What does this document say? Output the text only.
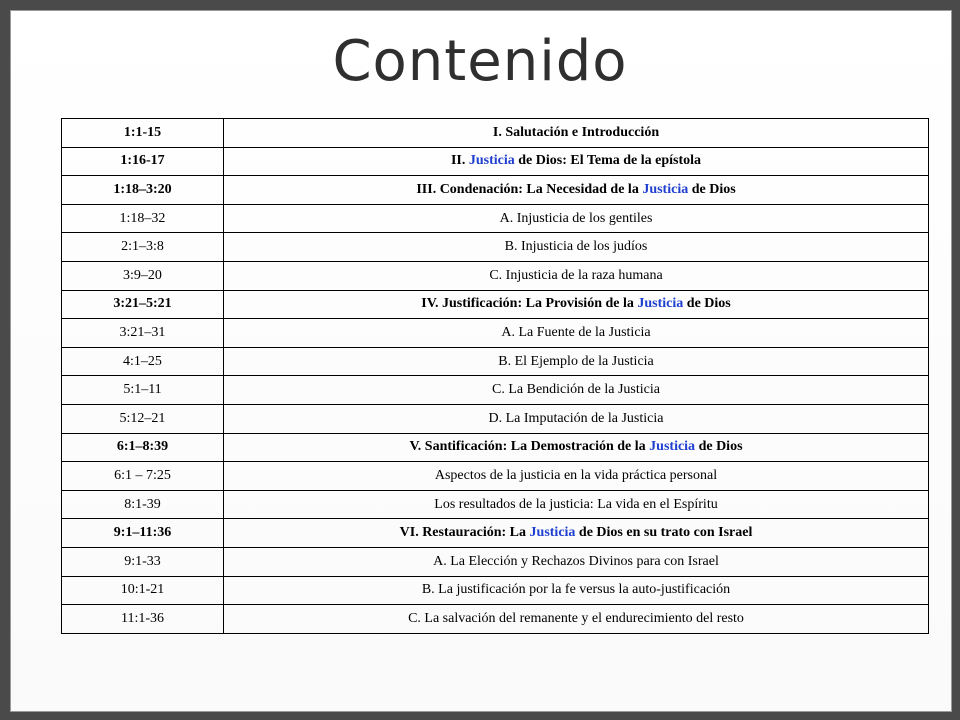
Contenido
1:1-15	I. Salutación e Introducción
1:16-17	II. Justicia de Dios: El Tema de la epístola
1:18–3:20	III. Condenación: La Necesidad de la Justicia de Dios
1:18–32	A. Injusticia de los gentiles
2:1–3:8	B. Injusticia de los judíos
3:9–20	C. Injusticia de la raza humana
3:21–5:21	IV. Justificación: La Provisión de la Justicia de Dios
3:21–31	A. La Fuente de la Justicia
4:1–25	B. El Ejemplo de la Justicia
5:1–11	C. La Bendición de la Justicia
5:12–21	D. La Imputación de la Justicia
6:1–8:39	V. Santificación: La Demostración de la Justicia de Dios
6:1 – 7:25	Aspectos de la justicia en la vida práctica personal
8:1-39	Los resultados de la justicia: La vida en el Espíritu
9:1–11:36	VI. Restauración: La Justicia de Dios en su trato con Israel
9:1-33	A. La Elección y Rechazos Divinos para con Israel
10:1-21	B. La justificación por la fe versus la auto-justificación
11:1-36	C. La salvación del remanente y el endurecimiento del resto
